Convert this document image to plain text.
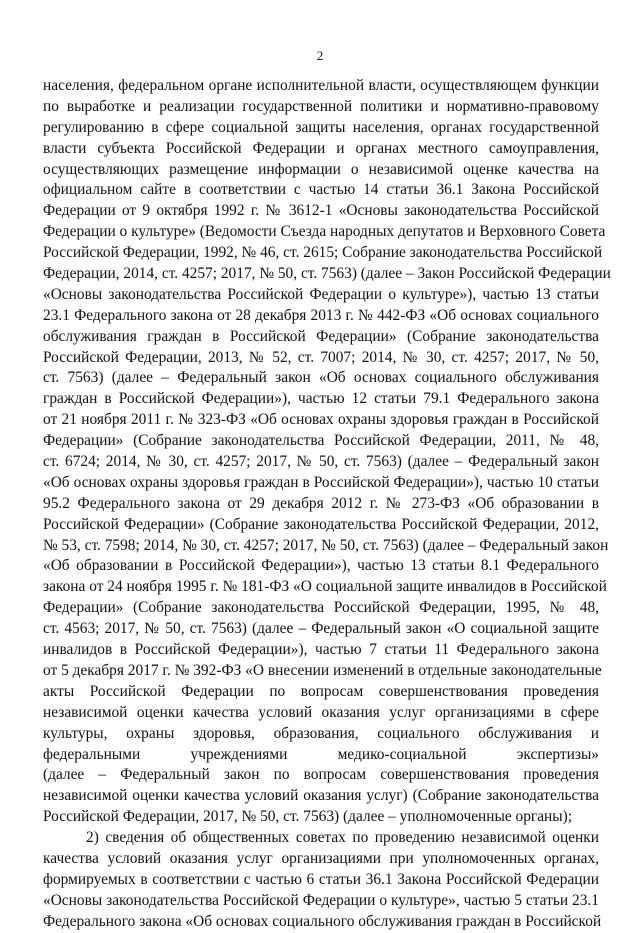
2
населения, федеральном органе исполнительной власти, осуществляющем функции
по выработке и реализации государственной политики и нормативно-правовому
регулированию в сфере социальной защиты населения, органах государственной
власти субъекта Российской Федерации и органах местного самоуправления,
осуществляющих размещение информации о независимой оценке качества на
официальном сайте в соответствии с частью 14 статьи 36.1 Закона Российской
Федерации от 9 октября 1992 г. № 3612-1 «Основы законодательства Российской
Федерации о культуре» (Ведомости Съезда народных депутатов и Верховного Совета
Российской Федерации, 1992, № 46, ст. 2615; Собрание законодательства Российской
Федерации, 2014, ст. 4257; 2017, № 50, ст. 7563) (далее – Закон Российской Федерации
«Основы законодательства Российской Федерации о культуре»), частью 13 статьи
23.1 Федерального закона от 28 декабря 2013 г. № 442-ФЗ «Об основах социального
обслуживания граждан в Российской Федерации» (Собрание законодательства
Российской Федерации, 2013, № 52, ст. 7007; 2014, № 30, ст. 4257; 2017, № 50,
ст. 7563) (далее – Федеральный закон «Об основах социального обслуживания
граждан в Российской Федерации»), частью 12 статьи 79.1 Федерального закона
от 21 ноября 2011 г. № 323-ФЗ «Об основах охраны здоровья граждан в Российской
Федерации» (Собрание законодательства Российской Федерации, 2011, № 48,
ст. 6724; 2014, № 30, ст. 4257; 2017, № 50, ст. 7563) (далее – Федеральный закон
«Об основах охраны здоровья граждан в Российской Федерации»), частью 10 статьи
95.2 Федерального закона от 29 декабря 2012 г. № 273-ФЗ «Об образовании в
Российской Федерации» (Собрание законодательства Российской Федерации, 2012,
№ 53, ст. 7598; 2014, № 30, ст. 4257; 2017, № 50, ст. 7563) (далее – Федеральный закон
«Об образовании в Российской Федерации»), частью 13 статьи 8.1 Федерального
закона от 24 ноября 1995 г. № 181-ФЗ «О социальной защите инвалидов в Российской
Федерации» (Собрание законодательства Российской Федерации, 1995, № 48,
ст. 4563; 2017, № 50, ст. 7563) (далее – Федеральный закон «О социальной защите
инвалидов в Российской Федерации»), частью 7 статьи 11 Федерального закона
от 5 декабря 2017 г. № 392-ФЗ «О внесении изменений в отдельные законодательные
акты Российской Федерации по вопросам совершенствования проведения
независимой оценки качества условий оказания услуг организациями в сфере
культуры, охраны здоровья, образования, социального обслуживания и
федеральными учреждениями медико-социальной экспертизы»
(далее – Федеральный закон по вопросам совершенствования проведения
независимой оценки качества условий оказания услуг) (Собрание законодательства
Российской Федерации, 2017, № 50, ст. 7563) (далее – уполномоченные органы);
2) сведения об общественных советах по проведению независимой оценки
качества условий оказания услуг организациями при уполномоченных органах,
формируемых в соответствии с частью 6 статьи 36.1 Закона Российской Федерации
«Основы законодательства Российской Федерации о культуре», частью 5 статьи 23.1
Федерального закона «Об основах социального обслуживания граждан в Российской
